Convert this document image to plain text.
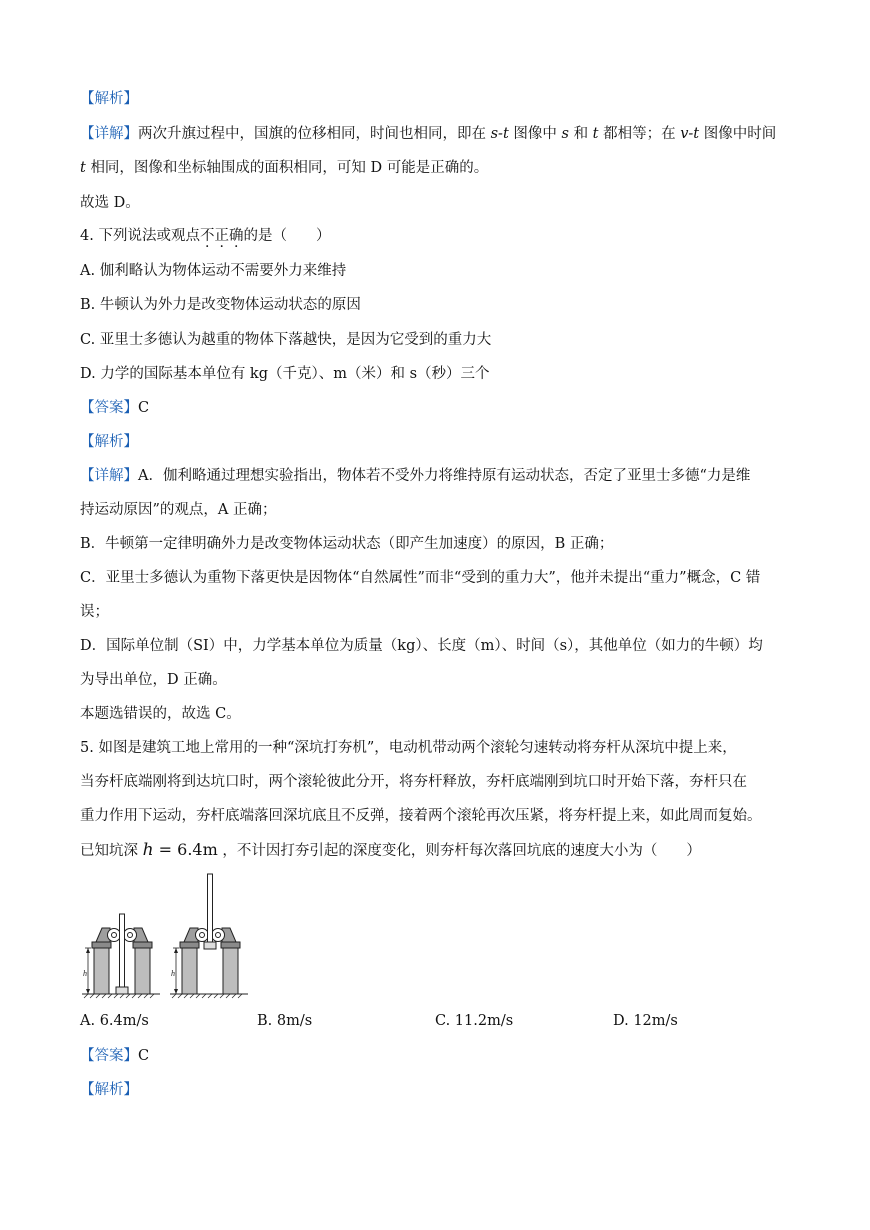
【解析】
【详解】两次升旗过程中，国旗的位移相同，时间也相同，即在 s-t 图像中 s 和 t 都相等；在 v-t 图像中时间
t 相同，图像和坐标轴围成的面积相同，可知 D 可能是正确的。
故选 D。
4. 下列说法或观点不正确的是（　　）
A. 伽利略认为物体运动不需要外力来维持
B. 牛顿认为外力是改变物体运动状态的原因
C. 亚里士多德认为越重的物体下落越快，是因为它受到的重力大
D. 力学的国际基本单位有 kg（千克）、m（米）和 s（秒）三个
【答案】C
【解析】
【详解】A．伽利略通过理想实验指出，物体若不受外力将维持原有运动状态，否定了亚里士多德“力是维
持运动原因”的观点，A 正确；
B．牛顿第一定律明确外力是改变物体运动状态（即产生加速度）的原因，B 正确；
C．亚里士多德认为重物下落更快是因物体“自然属性”而非“受到的重力大”，他并未提出“重力”概念，C 错
误；
D．国际单位制（SI）中，力学基本单位为质量（kg）、长度（m）、时间（s），其他单位（如力的牛顿）均
为导出单位，D 正确。
本题选错误的，故选 C。
5. 如图是建筑工地上常用的一种“深坑打夯机”，电动机带动两个滚轮匀速转动将夯杆从深坑中提上来，
当夯杆底端刚将到达坑口时，两个滚轮彼此分开，将夯杆释放，夯杆底端刚到坑口时开始下落，夯杆只在
重力作用下运动，夯杆底端落回深坑底且不反弹，接着两个滚轮再次压紧，将夯杆提上来，如此周而复始。
已知坑深 h = 6.4m ，不计因打夯引起的深度变化，则夯杆每次落回坑底的速度大小为（　　）
h	h
A. 6.4m/s	B. 8m/s	C. 11.2m/s	D. 12m/s
【答案】C
【解析】
